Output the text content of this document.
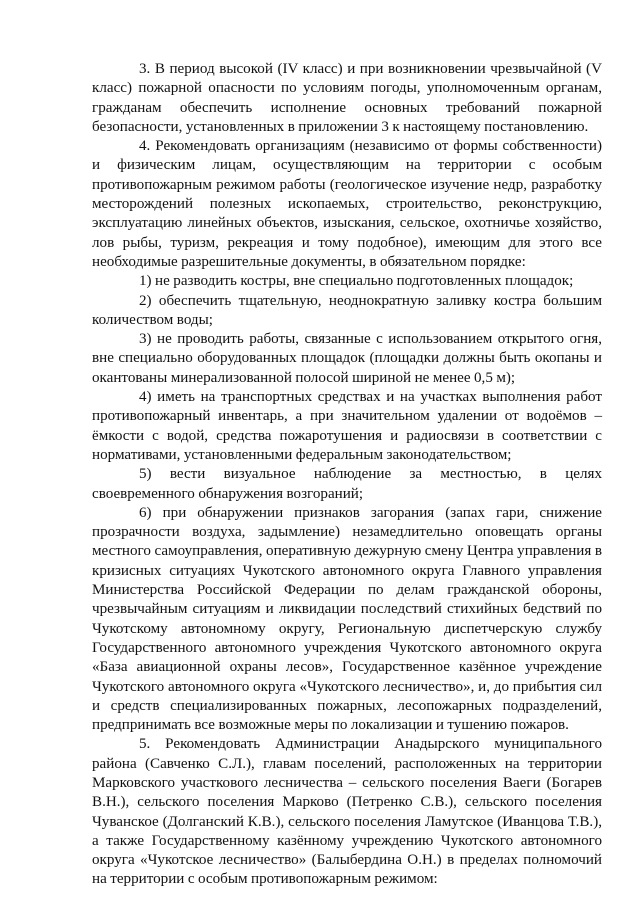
3. В период высокой (IV класс) и при возникновении чрезвычайной (V класс) пожарной опасности по условиям погоды, уполномоченным органам, гражданам обеспечить исполнение основных требований пожарной безопасности, установленных в приложении 3 к настоящему постановлению.

4. Рекомендовать организациям (независимо от формы собственности) и физическим лицам, осуществляющим на территории с особым противопожарным режимом работы (геологическое изучение недр, разработку месторождений полезных ископаемых, строительство, реконструкцию, эксплуатацию линейных объектов, изыскания, сельское, охотничье хозяйство, лов рыбы, туризм, рекреация и тому подобное), имеющим для этого все необходимые разрешительные документы, в обязательном порядке:

1) не разводить костры, вне специально подготовленных площадок;

2) обеспечить тщательную, неоднократную заливку костра большим количеством воды;

3) не проводить работы, связанные с использованием открытого огня, вне специально оборудованных площадок (площадки должны быть окопаны и окантованы минерализованной полосой шириной не менее 0,5 м);

4) иметь на транспортных средствах и на участках выполнения работ противопожарный инвентарь, а при значительном удалении от водоёмов – ёмкости с водой, средства пожаротушения и радиосвязи в соответствии с нормативами, установленными федеральным законодательством;

5) вести визуальное наблюдение за местностью, в целях своевременного обнаружения возгораний;

6) при обнаружении признаков загорания (запах гари, снижение прозрачности воздуха, задымление) незамедлительно оповещать органы местного самоуправления, оперативную дежурную смену Центра управления в кризисных ситуациях Чукотского автономного округа Главного управления Министерства Российской Федерации по делам гражданской обороны, чрезвычайным ситуациям и ликвидации последствий стихийных бедствий по Чукотскому автономному округу, Региональную диспетчерскую службу Государственного автономного учреждения Чукотского автономного округа «База авиационной охраны лесов», Государственное казённое учреждение Чукотского автономного округа «Чукотского лесничество», и, до прибытия сил и средств специализированных пожарных, лесопожарных подразделений, предпринимать все возможные меры по локализации и тушению пожаров.

5. Рекомендовать Администрации Анадырского муниципального района (Савченко С.Л.), главам поселений, расположенных на территории Марковского участкового лесничества – сельского поселения Ваеги (Богарев В.Н.), сельского поселения Марково (Петренко С.В.), сельского поселения Чуванское (Долганский К.В.), сельского поселения Ламутское (Иванцова Т.В.), а также Государственному казённому учреждению Чукотского автономного округа «Чукотское лесничество» (Балыбердина О.Н.) в пределах полномочий на территории с особым противопожарным режимом:
